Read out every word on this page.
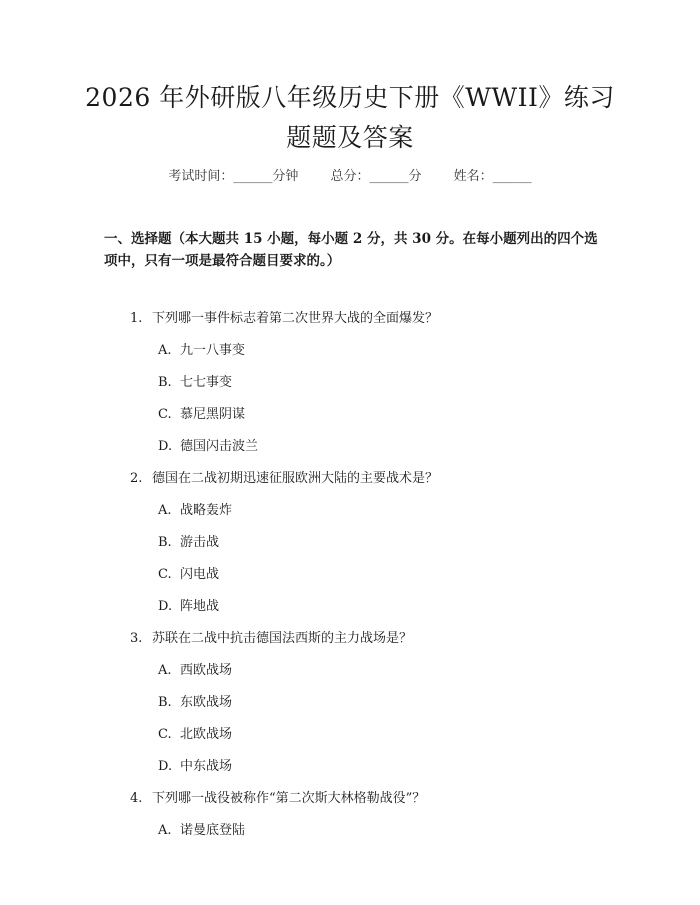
2026 年外研版八年级历史下册《WWII》练习
题题及答案
考试时间：______分钟 总分：______分 姓名：______
一、选择题（本大题共 15 小题，每小题 2 分，共 30 分。在每小题列出的四个选
项中，只有一项是最符合题目要求的。）
1. 下列哪一事件标志着第二次世界大战的全面爆发？
A. 九一八事变
B. 七七事变
C. 慕尼黑阴谋
D. 德国闪击波兰
2. 德国在二战初期迅速征服欧洲大陆的主要战术是？
A. 战略轰炸
B. 游击战
C. 闪电战
D. 阵地战
3. 苏联在二战中抗击德国法西斯的主力战场是？
A. 西欧战场
B. 东欧战场
C. 北欧战场
D. 中东战场
4. 下列哪一战役被称作“第二次斯大林格勒战役”？
A. 诺曼底登陆
